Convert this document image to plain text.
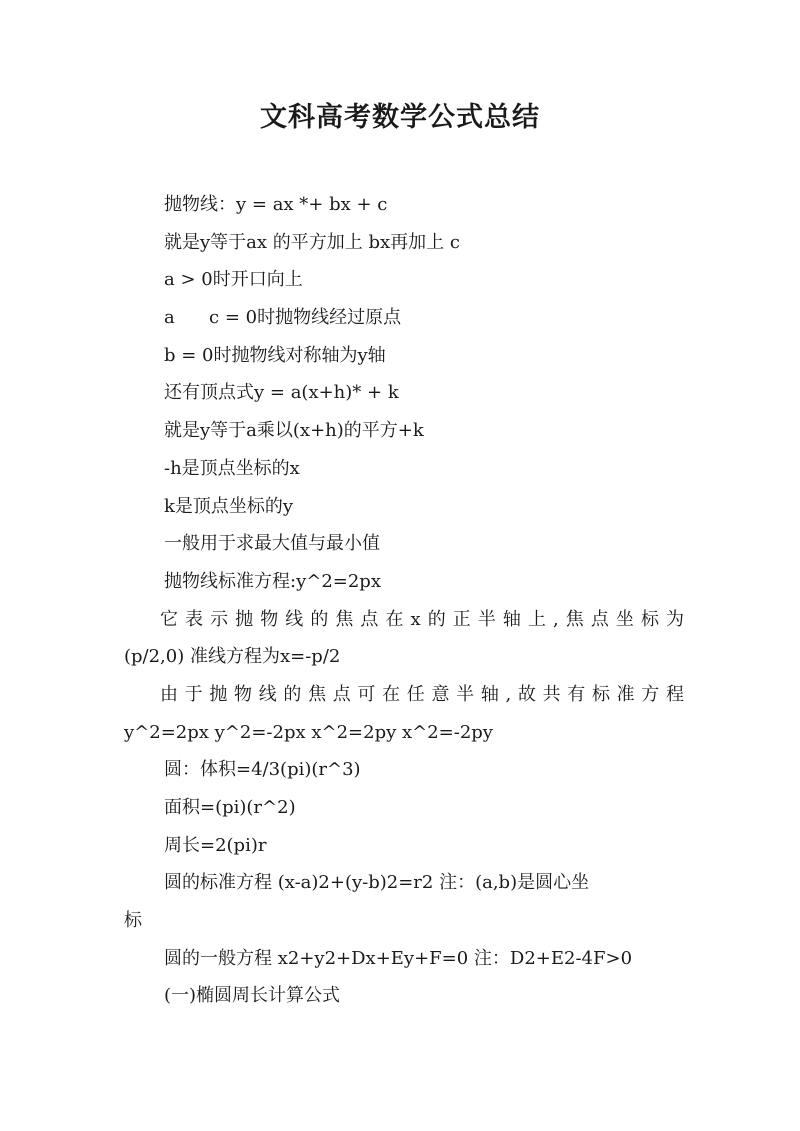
文科高考数学公式总结
抛物线：y = ax *+ bx + c
就是y等于ax 的平方加上 bx再加上 c
a > 0时开口向上
a      c = 0时抛物线经过原点
b = 0时抛物线对称轴为y轴
还有顶点式y = a(x+h)* + k
就是y等于a乘以(x+h)的平方+k
-h是顶点坐标的x
k是顶点坐标的y
一般用于求最大值与最小值
抛物线标准方程:y^2=2px
它表示抛物线的焦点在x的正半轴上,焦点坐标为
(p/2,0) 准线方程为x=-p/2
由于抛物线的焦点可在任意半轴,故共有标准方程
y^2=2px y^2=-2px x^2=2py x^2=-2py
圆：体积=4/3(pi)(r^3)
面积=(pi)(r^2)
周长=2(pi)r
圆的标准方程 (x-a)2+(y-b)2=r2 注：(a,b)是圆心坐
标
圆的一般方程 x2+y2+Dx+Ey+F=0 注：D2+E2-4F>0
(一)椭圆周长计算公式
